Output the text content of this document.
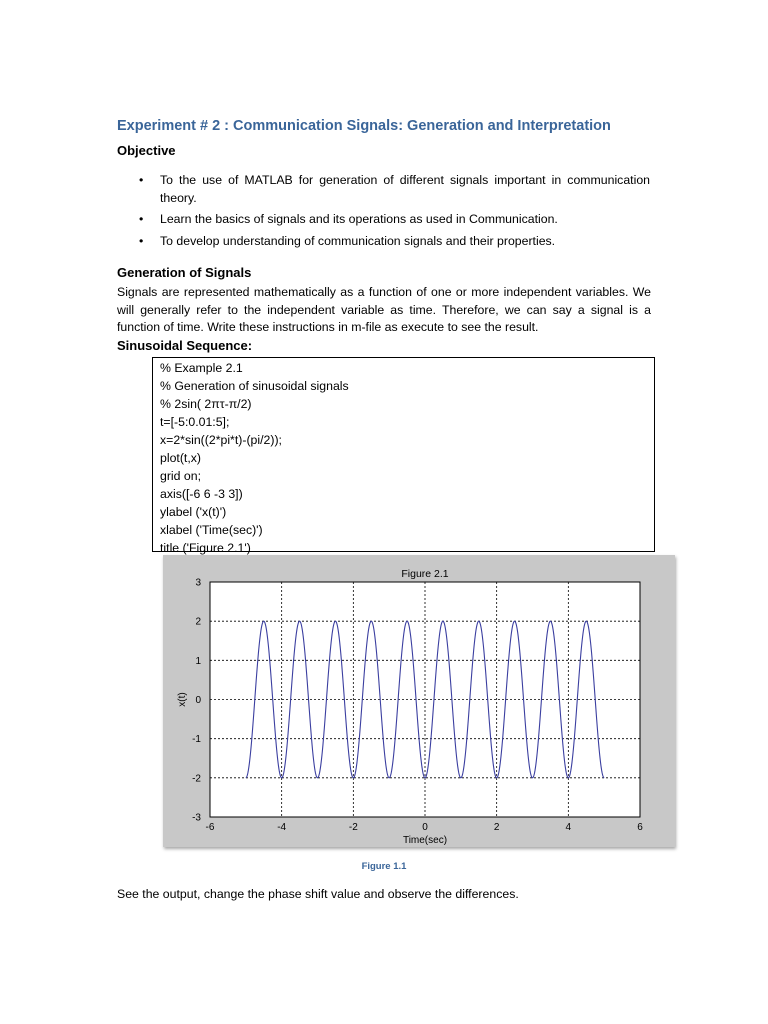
Experiment # 2 : Communication Signals: Generation and Interpretation
Objective
• To the use of MATLAB for generation of different signals important in communication theory.
• Learn the basics of signals and its operations as used in Communication.
• To develop understanding of communication signals and their properties.
Generation of Signals

Signals are represented mathematically as a function of one or more independent variables. We will generally refer to the independent variable as time. Therefore, we can say a signal is a function of time. Write these instructions in m-file as execute to see the result.

Sinusoidal Sequence:
% Example 2.1
% Generation of sinusoidal signals
% 2sin( 2πτ-π/2)
t=[-5:0.01:5];
x=2*sin((2*pi*t)-(pi/2));
plot(t,x)
grid on;
axis([-6 6 -3 3])
ylabel ('x(t)')
xlabel ('Time(sec)')
title ('Figure 2.1')
-6	-4	-2	0	2	4	6
-3
-2
-1
0
1
2
3
Figure 2.1
Time(sec)
x(t)
Figure 1.1
See the output, change the phase shift value and observe the differences.
